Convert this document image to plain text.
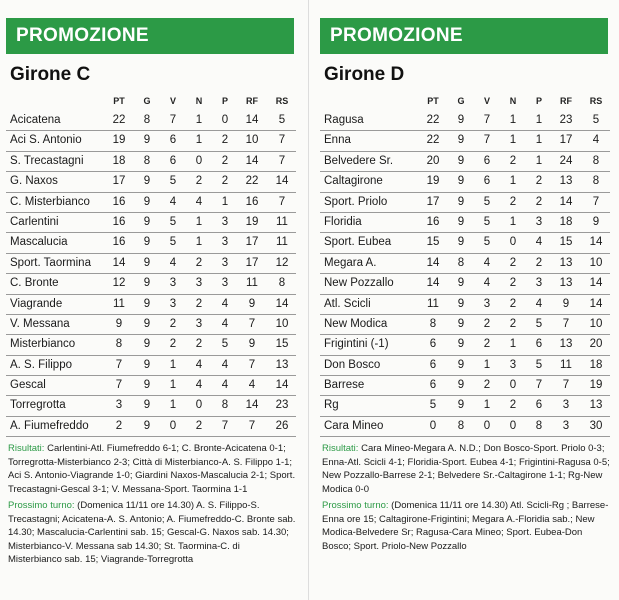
PROMOZIONE
Girone C
PT	G	V	N	P	RF	RS
Acicatena	22	8	7	1	0	14	5
Aci S. Antonio	19	9	6	1	2	10	7
S. Trecastagni	18	8	6	0	2	14	7
G. Naxos	17	9	5	2	2	22	14
C. Misterbianco	16	9	4	4	1	16	7
Carlentini	16	9	5	1	3	19	11
Mascalucia	16	9	5	1	3	17	11
Sport. Taormina	14	9	4	2	3	17	12
C. Bronte	12	9	3	3	3	11	8
Viagrande	11	9	3	2	4	9	14
V. Messana	9	9	2	3	4	7	10
Misterbianco	8	9	2	2	5	9	15
A. S. Filippo	7	9	1	4	4	7	13
Gescal	7	9	1	4	4	4	14
Torregrotta	3	9	1	0	8	14	23
A. Fiumefreddo	2	9	0	2	7	7	26

Risultati: Carlentini-Atl. Fiumefreddo 6-1; C. Bronte-Acicatena 0-1; Torregrotta-Misterbianco 2-3; Città di Misterbianco-A. S. Filippo 1-1; Aci S. Antonio-Viagrande 1-0; Giardini Naxos-Mascalucia 2-1; Sport. Trecastagni-Gescal 3-1; V. Messana-Sport. Taormina 1-1

Prossimo turno: (Domenica 11/11 ore 14.30) A. S. Filippo-S. Trecastagni; Acicatena-A. S. Antonio; A. Fiumefreddo-C. Bronte sab. 14.30; Mascalucia-Carlentini sab. 15; Gescal-G. Naxos sab. 14.30; Misterbianco-V. Messana sab 14.30; St. Taormina-C. di Misterbianco sab. 15; Viagrande-Torregrotta

PROMOZIONE
Girone D
PT	G	V	N	P	RF	RS
Ragusa	22	9	7	1	1	23	5
Enna	22	9	7	1	1	17	4
Belvedere Sr.	20	9	6	2	1	24	8
Caltagirone	19	9	6	1	2	13	8
Sport. Priolo	17	9	5	2	2	14	7
Floridia	16	9	5	1	3	18	9
Sport. Eubea	15	9	5	0	4	15	14
Megara A.	14	8	4	2	2	13	10
New Pozzallo	14	9	4	2	3	13	14
Atl. Scicli	11	9	3	2	4	9	14
New Modica	8	9	2	2	5	7	10
Frigintini (-1)	6	9	2	1	6	13	20
Don Bosco	6	9	1	3	5	11	18
Barrese	6	9	2	0	7	7	19
Rg	5	9	1	2	6	3	13
Cara Mineo	0	8	0	0	8	3	30

Risultati: Cara Mineo-Megara A. N.D.; Don Bosco-Sport. Priolo 0-3; Enna-Atl. Scicli 4-1; Floridia-Sport. Eubea 4-1; Frigintini-Ragusa 0-5; New Pozzallo-Barrese 2-1; Belvedere Sr.-Caltagirone 1-1; Rg-New Modica 0-0

Prossimo turno: (Domenica 11/11 ore 14.30) Atl. Scicli-Rg ; Barrese-Enna ore 15; Caltagirone-Frigintini; Megara A.-Floridia sab.; New Modica-Belvedere Sr; Ragusa-Cara Mineo; Sport. Eubea-Don Bosco; Sport. Priolo-New Pozzallo
